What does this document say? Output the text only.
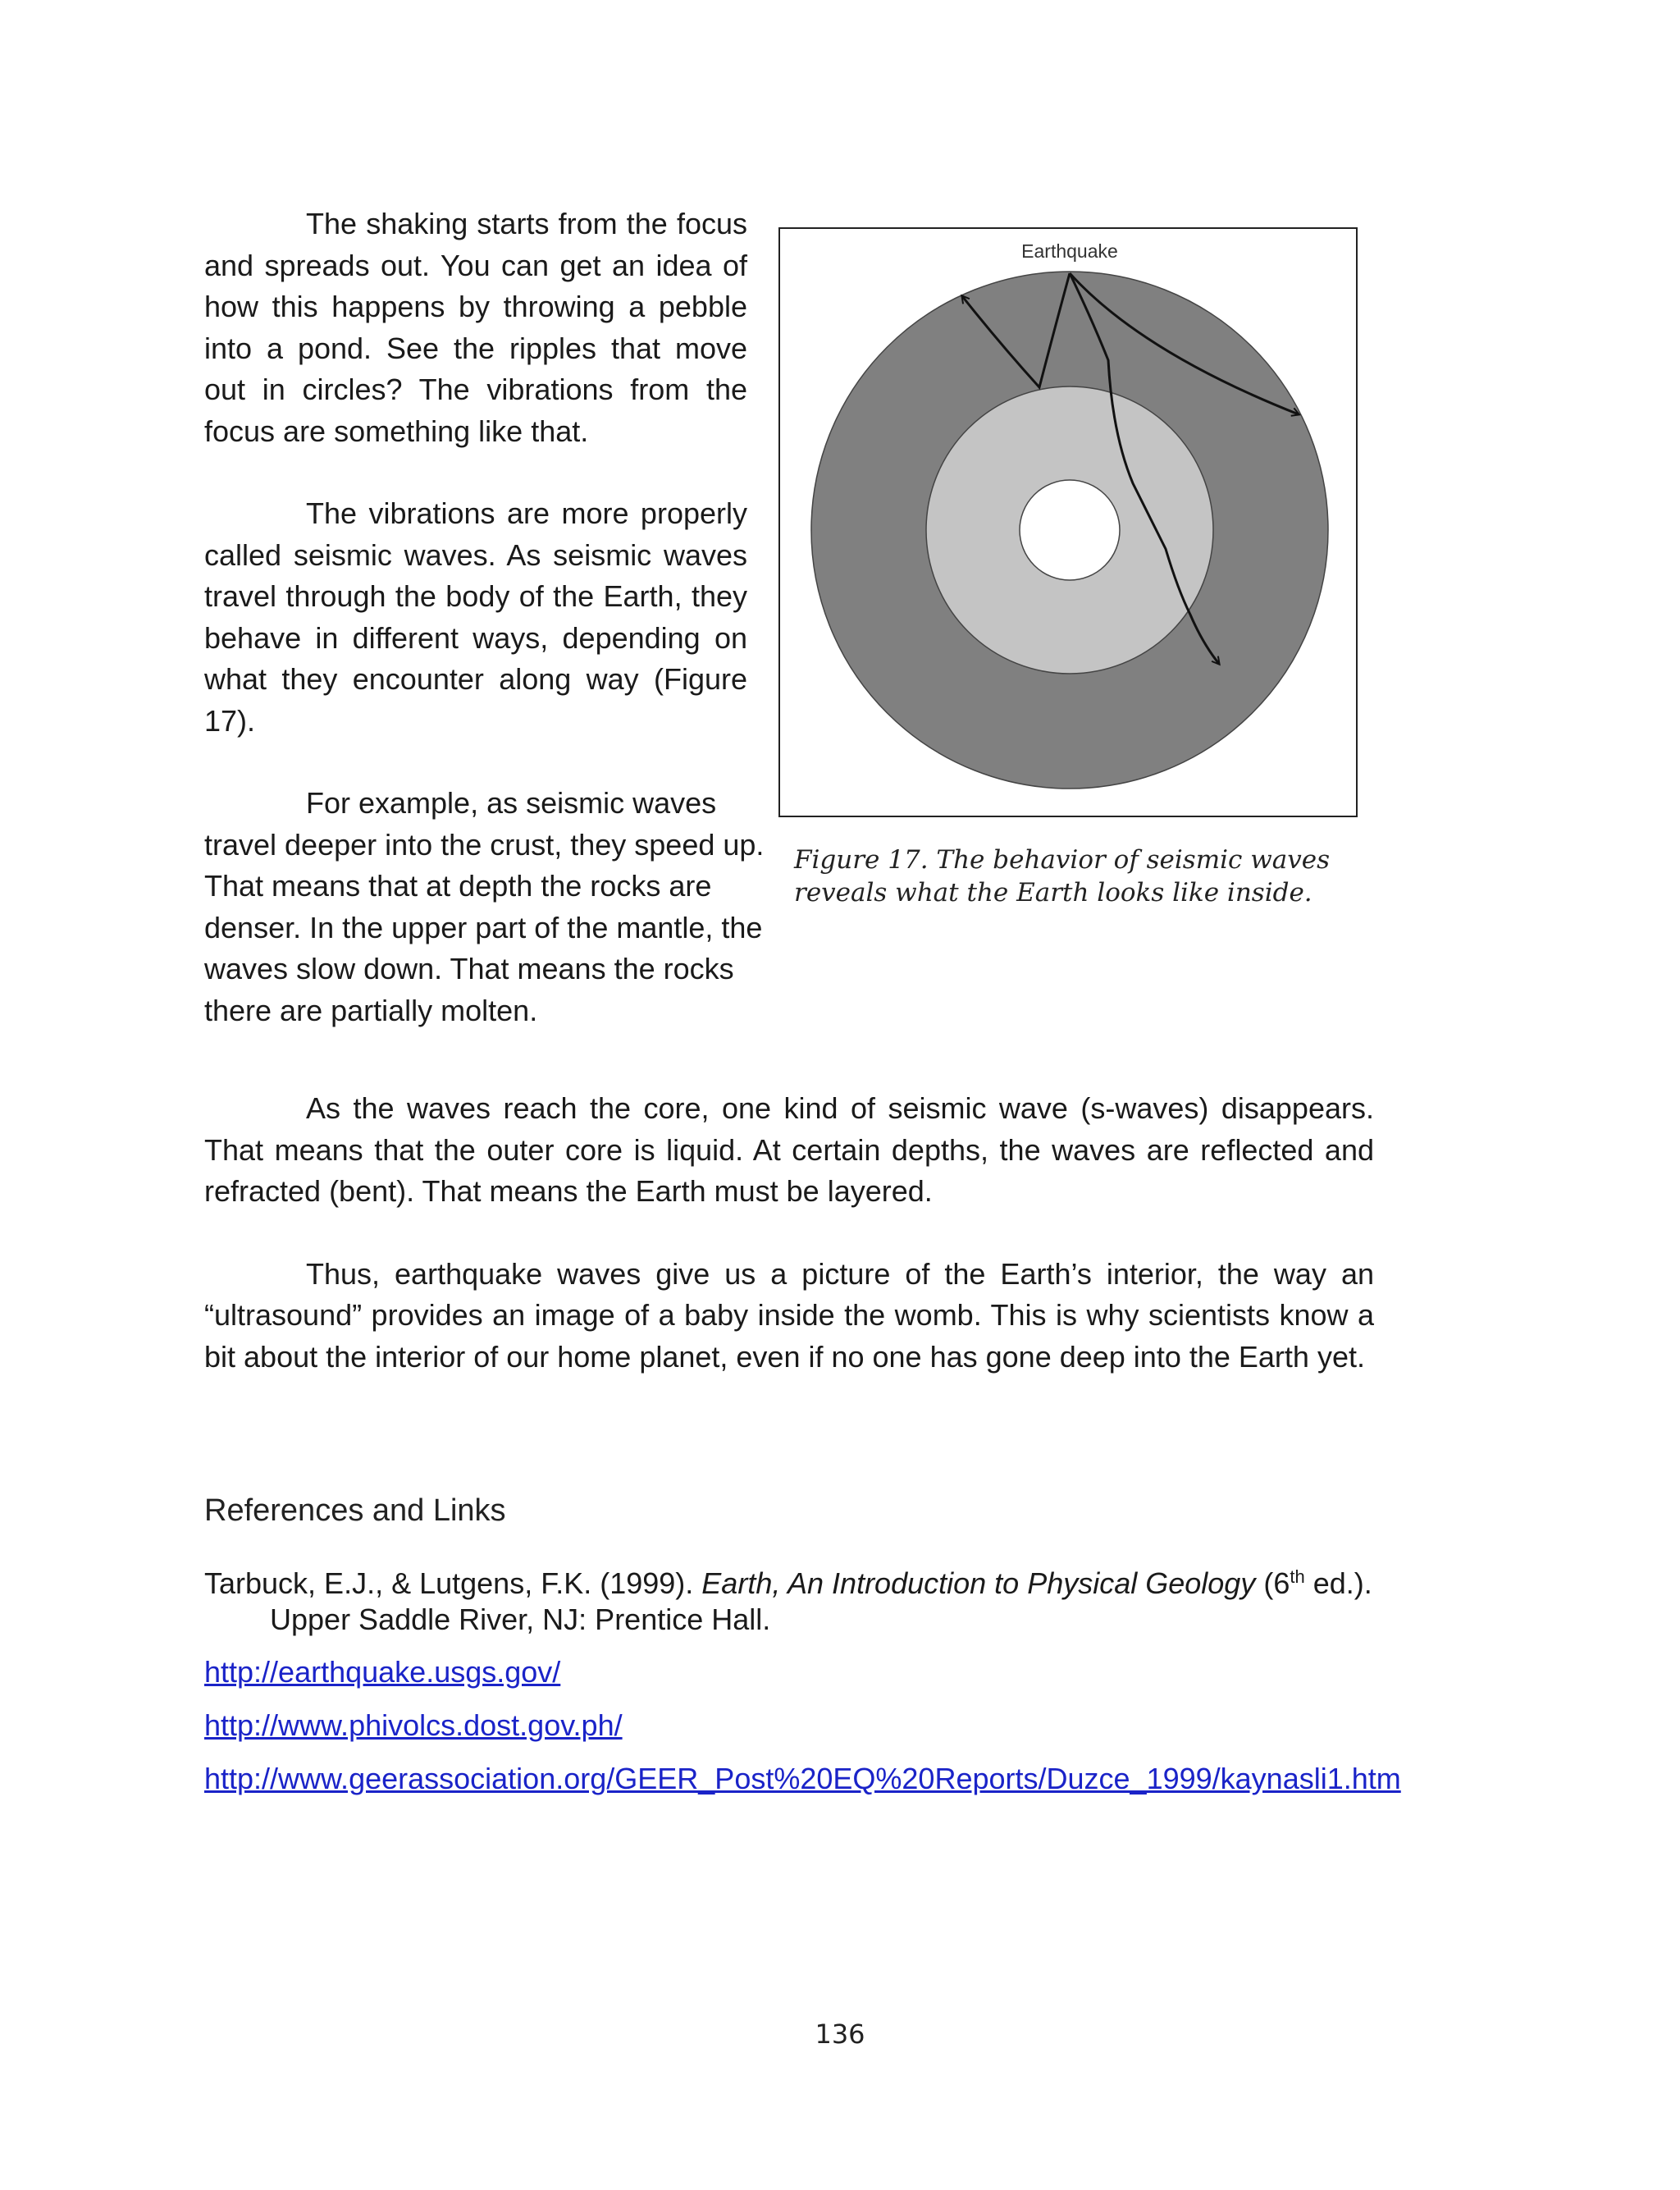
The shaking starts from the focus and spreads out. You can get an idea of how this happens by throwing a pebble into a pond. See the ripples that move out in circles? The vibrations from the focus are something like that.

The vibrations are more properly called seismic waves. As seismic waves travel through the body of the Earth, they behave in different ways, depending on what they encounter along way (Figure 17).

For example, as seismic waves travel deeper into the crust, they speed up. That means that at depth the rocks are denser. In the upper part of the mantle, the waves slow down. That means the rocks there are partially molten.

Earthquake
Figure 17. The behavior of seismic waves reveals what the Earth looks like inside.

As the waves reach the core, one kind of seismic wave (s-waves) disappears. That means that the outer core is liquid. At certain depths, the waves are reflected and refracted (bent). That means the Earth must be layered.

Thus, earthquake waves give us a picture of the Earth’s interior, the way an “ultrasound” provides an image of a baby inside the womb. This is why scientists know a bit about the interior of our home planet, even if no one has gone deep into the Earth yet.

References and Links
Tarbuck, E.J., & Lutgens, F.K. (1999). Earth, An Introduction to Physical Geology (6th ed.). Upper Saddle River, NJ: Prentice Hall.
http://earthquake.usgs.gov/
http://www.phivolcs.dost.gov.ph/
http://www.geerassociation.org/GEER_Post%20EQ%20Reports/Duzce_1999/kaynasli1.htm
136
